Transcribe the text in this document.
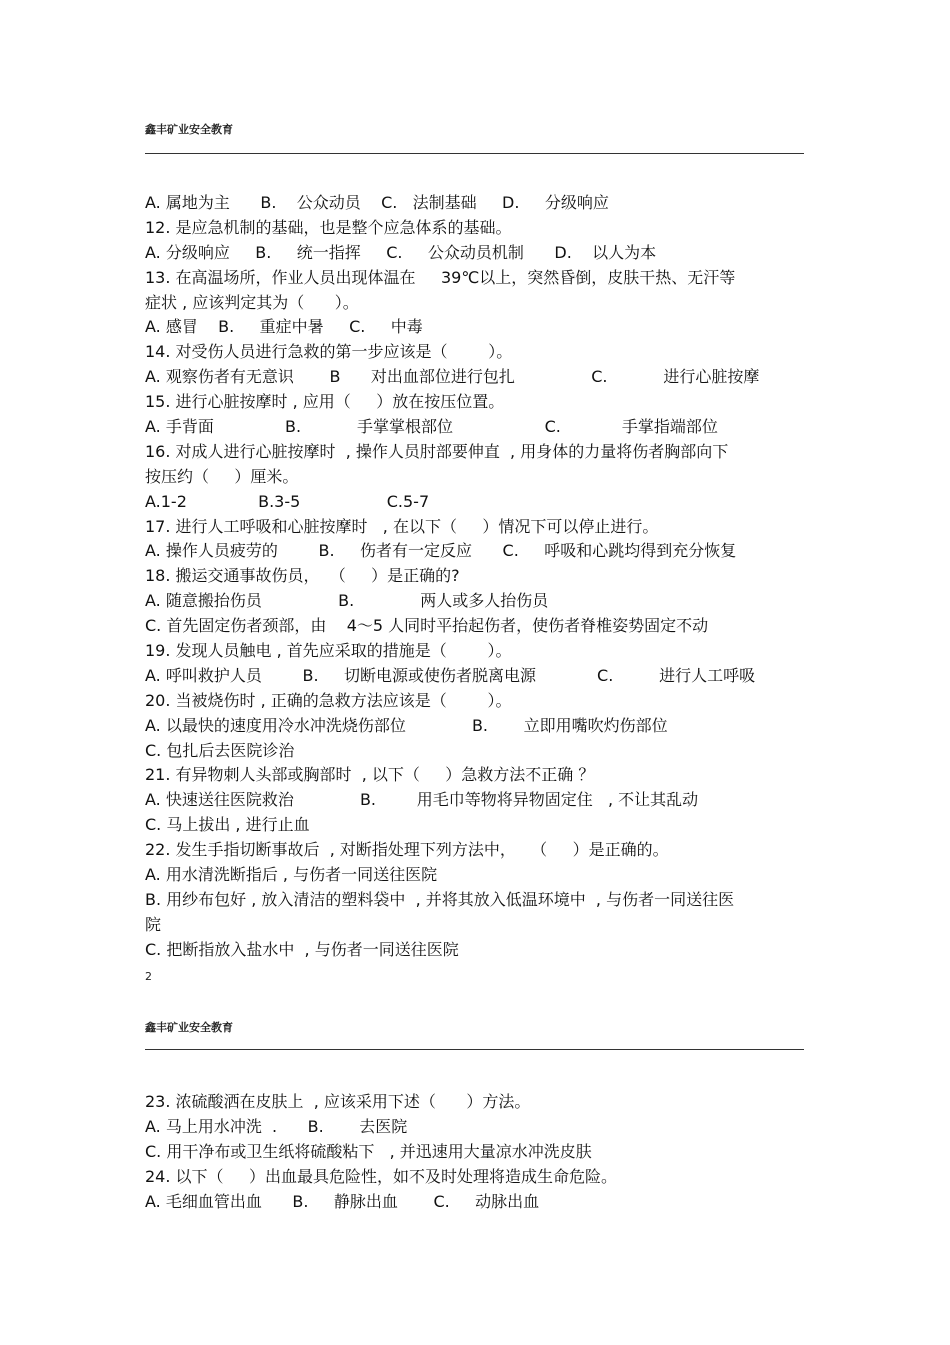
鑫丰矿业安全教育
A. 属地为主      B.    公众动员    C.   法制基础     D.     分级响应
12. 是应急机制的基础，也是整个应急体系的基础。
A. 分级响应     B.     统一指挥     C.     公众动员机制      D.    以人为本
13. 在高温场所，作业人员出现体温在     39℃以上，突然昏倒，皮肤干热、无汗等
症状 , 应该判定其为（      ）。
A. 感冒    B.     重症中暑     C.     中毒
14. 对受伤人员进行急救的第一步应该是（        ）。
A. 观察伤者有无意识       B      对出血部位进行包扎               C.           进行心脏按摩
15. 进行心脏按摩时 , 应用（     ）放在按压位置。
A. 手背面              B.           手掌掌根部位                  C.            手掌指端部位
16. 对成人进行心脏按摩时  , 操作人员肘部要伸直  , 用身体的力量将伤者胸部向下
按压约（     ）厘米。
A.1-2              B.3-5                 C.5-7
17. 进行人工呼吸和心脏按摩时   , 在以下（     ）情况下可以停止进行。
A. 操作人员疲劳的        B.     伤者有一定反应      C.     呼吸和心跳均得到充分恢复
18. 搬运交通事故伤员，  （     ）是正确的?
A. 随意搬抬伤员               B.             两人或多人抬伤员
C. 首先固定伤者颈部，由    4～5 人同时平抬起伤者，使伤者脊椎姿势固定不动
19. 发现人员触电 , 首先应采取的措施是（        ）。
A. 呼叫救护人员        B.     切断电源或使伤者脱离电源            C.         进行人工呼吸
20. 当被烧伤时 , 正确的急救方法应该是（        ）。
A. 以最快的速度用冷水冲洗烧伤部位             B.       立即用嘴吹灼伤部位
C. 包扎后去医院诊治
21. 有异物刺人头部或胸部时  , 以下（     ）急救方法不正确 ？
A. 快速送往医院救治             B.        用毛巾等物将异物固定住   , 不让其乱动
C. 马上拔出 , 进行止血
22. 发生手指切断事故后  , 对断指处理下列方法中，   （     ）是正确的。
A. 用水清洗断指后 , 与伤者一同送往医院
B. 用纱布包好 , 放入清洁的塑料袋中  , 并将其放入低温环境中  , 与伤者一同送往医
院
C. 把断指放入盐水中  , 与伤者一同送往医院
2
鑫丰矿业安全教育
23. 浓硫酸洒在皮肤上  , 应该采用下述（      ）方法。
A. 马上用水冲洗  .      B.       去医院
C. 用干净布或卫生纸将硫酸粘下   , 并迅速用大量凉水冲洗皮肤
24. 以下（     ）出血最具危险性，如不及时处理将造成生命危险。
A. 毛细血管出血      B.     静脉出血       C.     动脉出血
